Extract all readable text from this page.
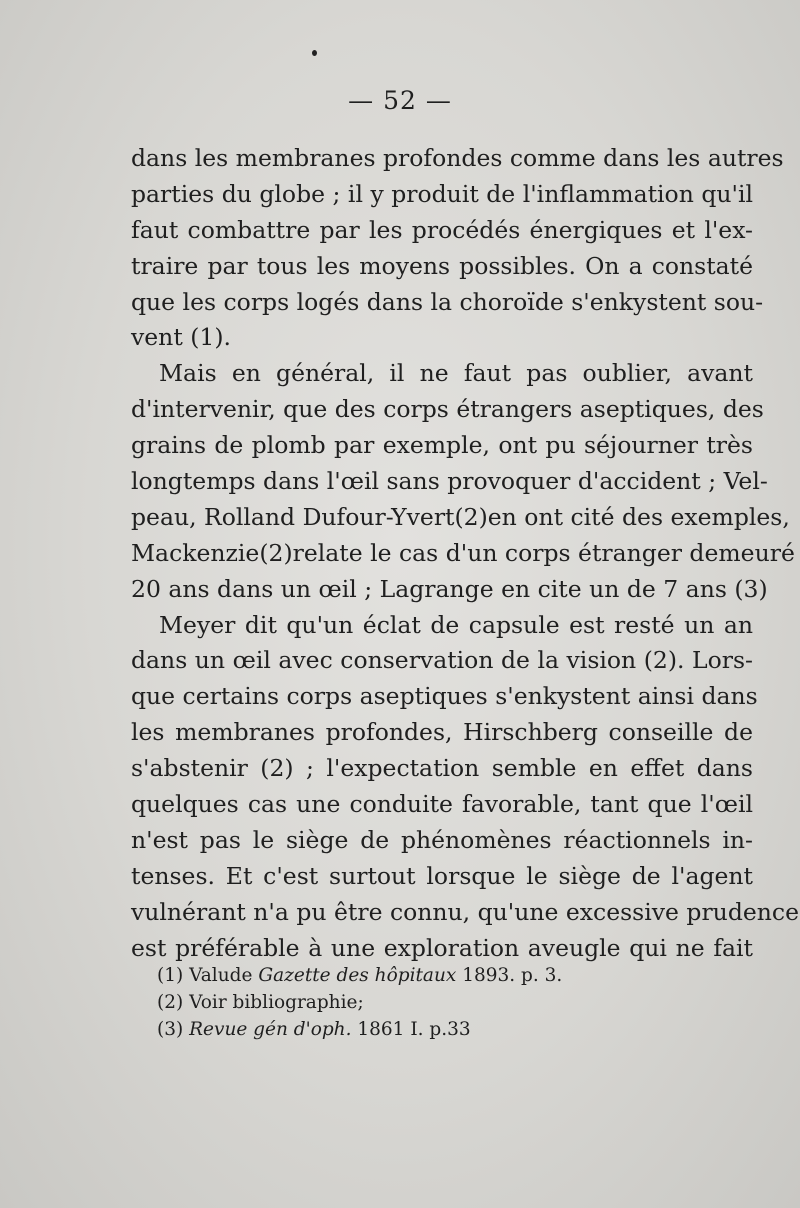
— 52 —
dans les membranes profondes comme dans les autres
parties du globe ; il y produit de l'inflammation qu'il
faut combattre par les procédés énergiques et l'ex-
traire par tous les moyens possibles. On a constaté
que les corps logés dans la choroïde s'enkystent sou-
vent (1).
Mais en général, il ne faut pas oublier, avant
d'intervenir, que des corps étrangers aseptiques, des
grains de plomb par exemple, ont pu séjourner très
longtemps dans l'œil sans provoquer d'accident ; Vel-
peau, Rolland Dufour-Yvert(2)en ont cité des exemples,
Mackenzie(2)relate le cas d'un corps étranger demeuré
20 ans dans un œil ; Lagrange en cite un de 7 ans (3)
Meyer dit qu'un éclat de capsule est resté un an
dans un œil avec conservation de la vision (2). Lors-
que certains corps aseptiques s'enkystent ainsi dans
les membranes profondes, Hirschberg conseille de
s'abstenir (2) ; l'expectation semble en effet dans
quelques cas une conduite favorable, tant que l'œil
n'est pas le siège de phénomènes réactionnels in-
tenses. Et c'est surtout lorsque le siège de l'agent
vulnérant n'a pu être connu, qu'une excessive prudence
est préférable à une exploration aveugle qui ne fait
(1) Valude Gazette des hôpitaux 1893. p. 3.
(2) Voir bibliographie;
(3) Revue gén d'oph. 1861 I. p.33
